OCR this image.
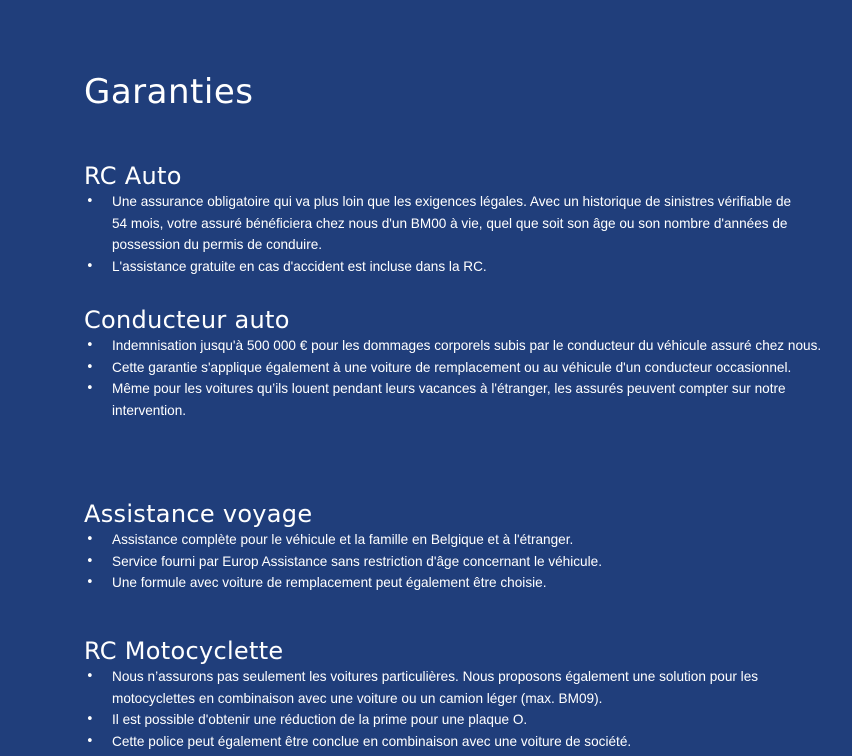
Garanties
RC Auto
• Une assurance obligatoire qui va plus loin que les exigences légales. Avec un historique de sinistres vérifiable de 54 mois, votre assuré bénéficiera chez nous d'un BM00 à vie, quel que soit son âge ou son nombre d'années de possession du permis de conduire.
• L'assistance gratuite en cas d'accident est incluse dans la RC.
Conducteur auto
• Indemnisation jusqu'à 500 000 € pour les dommages corporels subis par le conducteur du véhicule assuré chez nous.
• Cette garantie s'applique également à une voiture de remplacement ou au véhicule d'un conducteur occasionnel.
• Même pour les voitures qu’ils louent pendant leurs vacances à l'étranger, les assurés peuvent compter sur notre intervention.
Assistance voyage
• Assistance complète pour le véhicule et la famille en Belgique et à l'étranger.
• Service fourni par Europ Assistance sans restriction d'âge concernant le véhicule.
• Une formule avec voiture de remplacement peut également être choisie.
RC Motocyclette
• Nous n’assurons pas seulement les voitures particulières. Nous proposons également une solution pour les motocyclettes en combinaison avec une voiture ou un camion léger (max. BM09).
• Il est possible d'obtenir une réduction de la prime pour une plaque O.
• Cette police peut également être conclue en combinaison avec une voiture de société.
